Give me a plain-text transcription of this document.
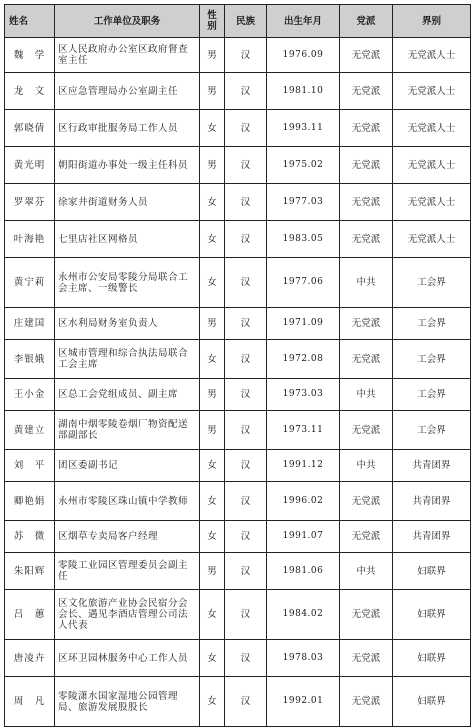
姓名	工作单位及职务	性别	民族	出生年月	党派	界别
魏　学	区人民政府办公室区政府督查室主任	男	汉	1976.09	无党派	无党派人士
龙　文	区应急管理局办公室副主任	男	汉	1981.10	无党派	无党派人士
郭晓倩	区行政审批服务局工作人员	女	汉	1993.11	无党派	无党派人士
黄光明	朝阳街道办事处一级主任科员	男	汉	1975.02	无党派	无党派人士
罗翠芬	徐家井街道财务人员	女	汉	1977.03	无党派	无党派人士
叶海艳	七里店社区网格员	女	汉	1983.05	无党派	无党派人士
黄宁莉	永州市公安局零陵分局联合工会主席、一级警长	女	汉	1977.06	中共	工会界
庄建国	区水利局财务室负责人	男	汉	1971.09	无党派	工会界
李银娥	区城市管理和综合执法局联合工会主席	女	汉	1972.08	无党派	工会界
王小金	区总工会党组成员、副主席	男	汉	1973.03	中共	工会界
黄建立	湖南中烟零陵卷烟厂物资配送部副部长	男	汉	1973.11	无党派	工会界
刘　平	团区委副书记	女	汉	1991.12	中共	共青团界
卿艳娟	永州市零陵区珠山镇中学教师	女	汉	1996.02	无党派	共青团界
苏　微	区烟草专卖局客户经理	女	汉	1991.07	无党派	共青团界
朱阳辉	零陵工业园区管理委员会副主任	男	汉	1981.06	中共	妇联界
吕　蕙	区文化旅游产业协会民宿分会会长、遇见李酒店管理公司法人代表	女	汉	1984.02	无党派	妇联界
唐凌卉	区环卫园林服务中心工作人员	女	汉	1978.03	无党派	妇联界
周　凡	零陵潇水国家湿地公园管理局、旅游发展股股长	女	汉	1992.01	无党派	妇联界
